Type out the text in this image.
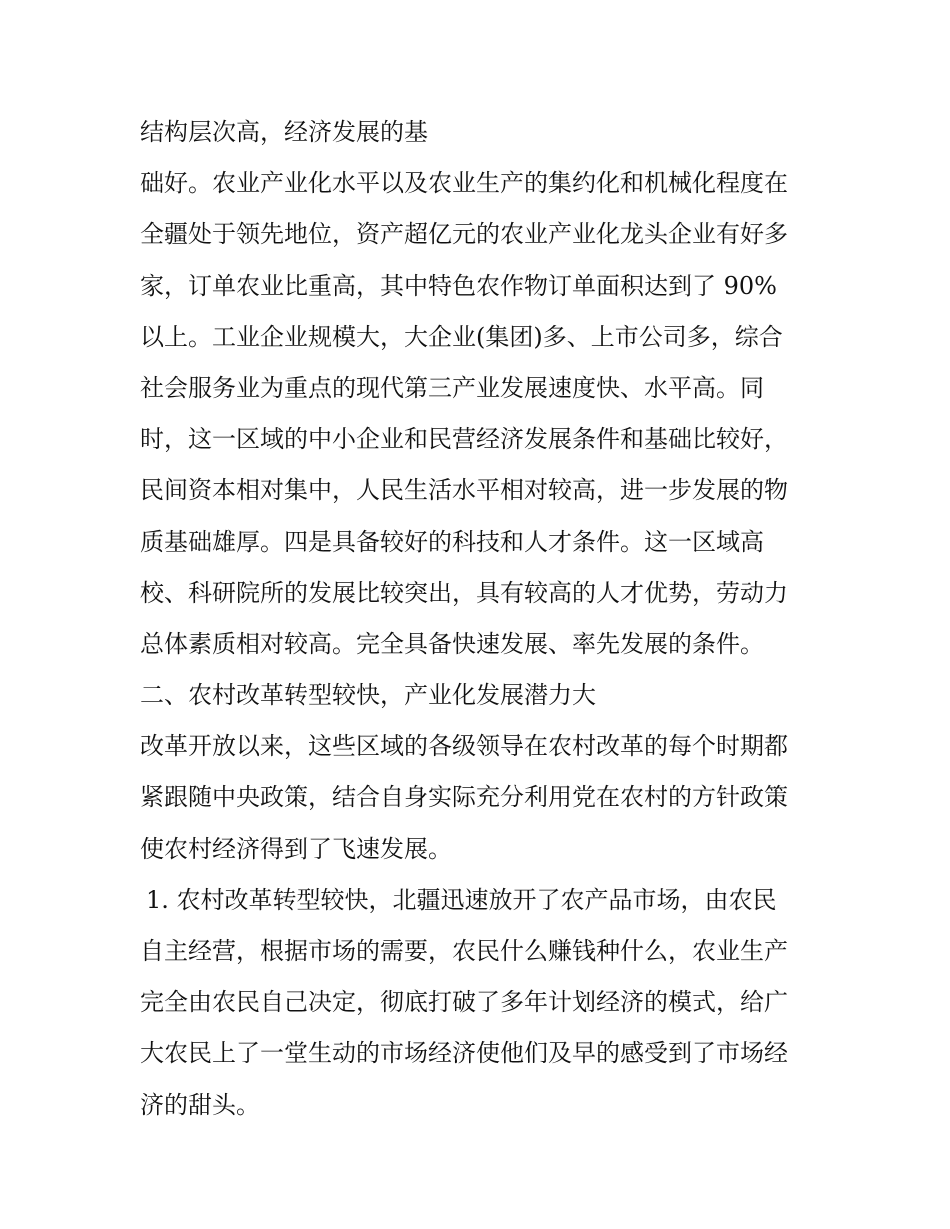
结构层次高，经济发展的基
础好。农业产业化水平以及农业生产的集约化和机械化程度在
全疆处于领先地位，资产超亿元的农业产业化龙头企业有好多
家，订单农业比重高，其中特色农作物订单面积达到了 90%
以上。工业企业规模大，大企业(集团)多、上市公司多，综合
社会服务业为重点的现代第三产业发展速度快、水平高。同
时，这一区域的中小企业和民营经济发展条件和基础比较好，
民间资本相对集中，人民生活水平相对较高，进一步发展的物
质基础雄厚。四是具备较好的科技和人才条件。这一区域高
校、科研院所的发展比较突出，具有较高的人才优势，劳动力
总体素质相对较高。完全具备快速发展、率先发展的条件。
二、农村改革转型较快，产业化发展潜力大
改革开放以来，这些区域的各级领导在农村改革的每个时期都
紧跟随中央政策，结合自身实际充分利用党在农村的方针政策
使农村经济得到了飞速发展。
1. 农村改革转型较快，北疆迅速放开了农产品市场，由农民
自主经营，根据市场的需要，农民什么赚钱种什么，农业生产
完全由农民自己决定，彻底打破了多年计划经济的模式，给广
大农民上了一堂生动的市场经济使他们及早的感受到了市场经
济的甜头。
